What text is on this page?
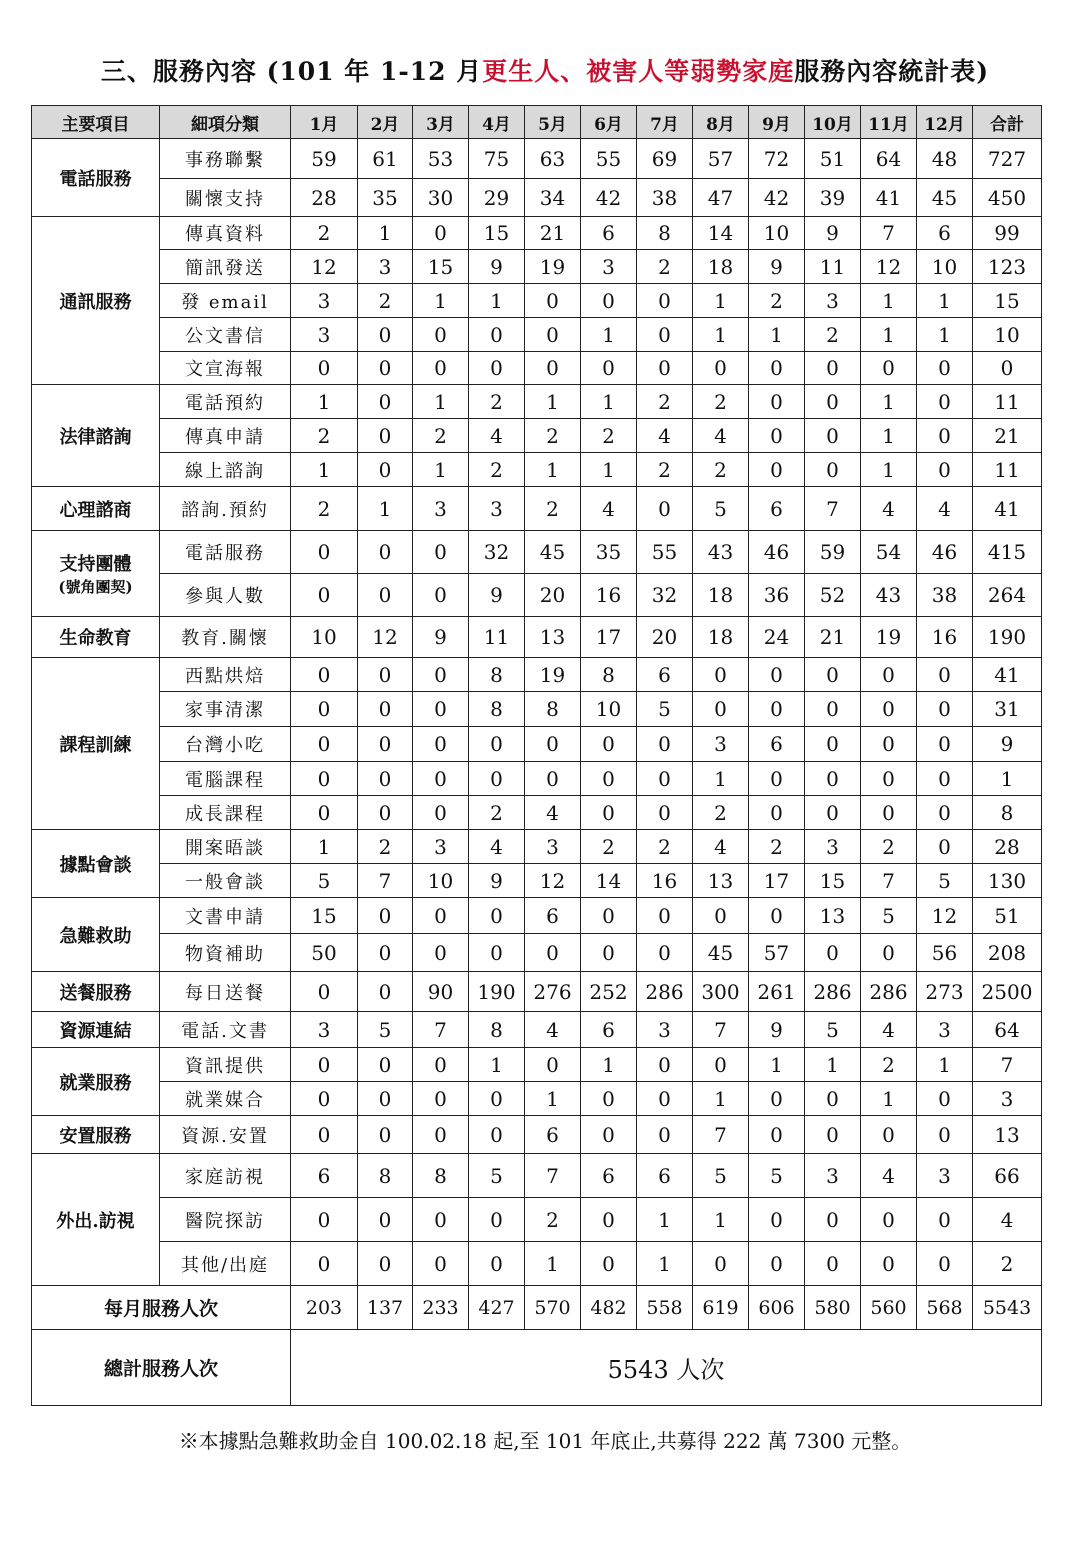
三、服務內容 (101 年 1-12 月更生人、被害人等弱勢家庭服務內容統計表)
主要項目	細項分類	1月	2月	3月	4月	5月	6月	7月	8月	9月	10月	11月	12月	合計
電話服務	事務聯繫	59	61	53	75	63	55	69	57	72	51	64	48	727
	關懷支持	28	35	30	29	34	42	38	47	42	39	41	45	450
通訊服務	傳真資料	2	1	0	15	21	6	8	14	10	9	7	6	99
	簡訊發送	12	3	15	9	19	3	2	18	9	11	12	10	123
	發 email	3	2	1	1	0	0	0	1	2	3	1	1	15
	公文書信	3	0	0	0	0	1	0	1	1	2	1	1	10
	文宣海報	0	0	0	0	0	0	0	0	0	0	0	0	0
法律諮詢	電話預約	1	0	1	2	1	1	2	2	0	0	1	0	11
	傳真申請	2	0	2	4	2	2	4	4	0	0	1	0	21
	線上諮詢	1	0	1	2	1	1	2	2	0	0	1	0	11
心理諮商	諮詢.預約	2	1	3	3	2	4	0	5	6	7	4	4	41
支持團體
(號角團契)	電話服務	0	0	0	32	45	35	55	43	46	59	54	46	415
	參與人數	0	0	0	9	20	16	32	18	36	52	43	38	264
生命教育	教育.關懷	10	12	9	11	13	17	20	18	24	21	19	16	190
課程訓練	西點烘焙	0	0	0	8	19	8	6	0	0	0	0	0	41
	家事清潔	0	0	0	8	8	10	5	0	0	0	0	0	31
	台灣小吃	0	0	0	0	0	0	0	3	6	0	0	0	9
	電腦課程	0	0	0	0	0	0	0	1	0	0	0	0	1
	成長課程	0	0	0	2	4	0	0	2	0	0	0	0	8
據點會談	開案晤談	1	2	3	4	3	2	2	4	2	3	2	0	28
	一般會談	5	7	10	9	12	14	16	13	17	15	7	5	130
急難救助	文書申請	15	0	0	0	6	0	0	0	0	13	5	12	51
	物資補助	50	0	0	0	0	0	0	45	57	0	0	56	208
送餐服務	每日送餐	0	0	90	190	276	252	286	300	261	286	286	273	2500
資源連結	電話.文書	3	5	7	8	4	6	3	7	9	5	4	3	64
就業服務	資訊提供	0	0	0	1	0	1	0	0	1	1	2	1	7
	就業媒合	0	0	0	0	1	0	0	1	0	0	1	0	3
安置服務	資源.安置	0	0	0	0	6	0	0	7	0	0	0	0	13
外出.訪視	家庭訪視	6	8	8	5	7	6	6	5	5	3	4	3	66
	醫院探訪	0	0	0	0	2	0	1	1	0	0	0	0	4
	其他/出庭	0	0	0	0	1	0	1	0	0	0	0	0	2
每月服務人次		203	137	233	427	570	482	558	619	606	580	560	568	5543
總計服務人次		5543 人次												
※本據點急難救助金自 100.02.18 起,至 101 年底止,共募得 222 萬 7300 元整。
